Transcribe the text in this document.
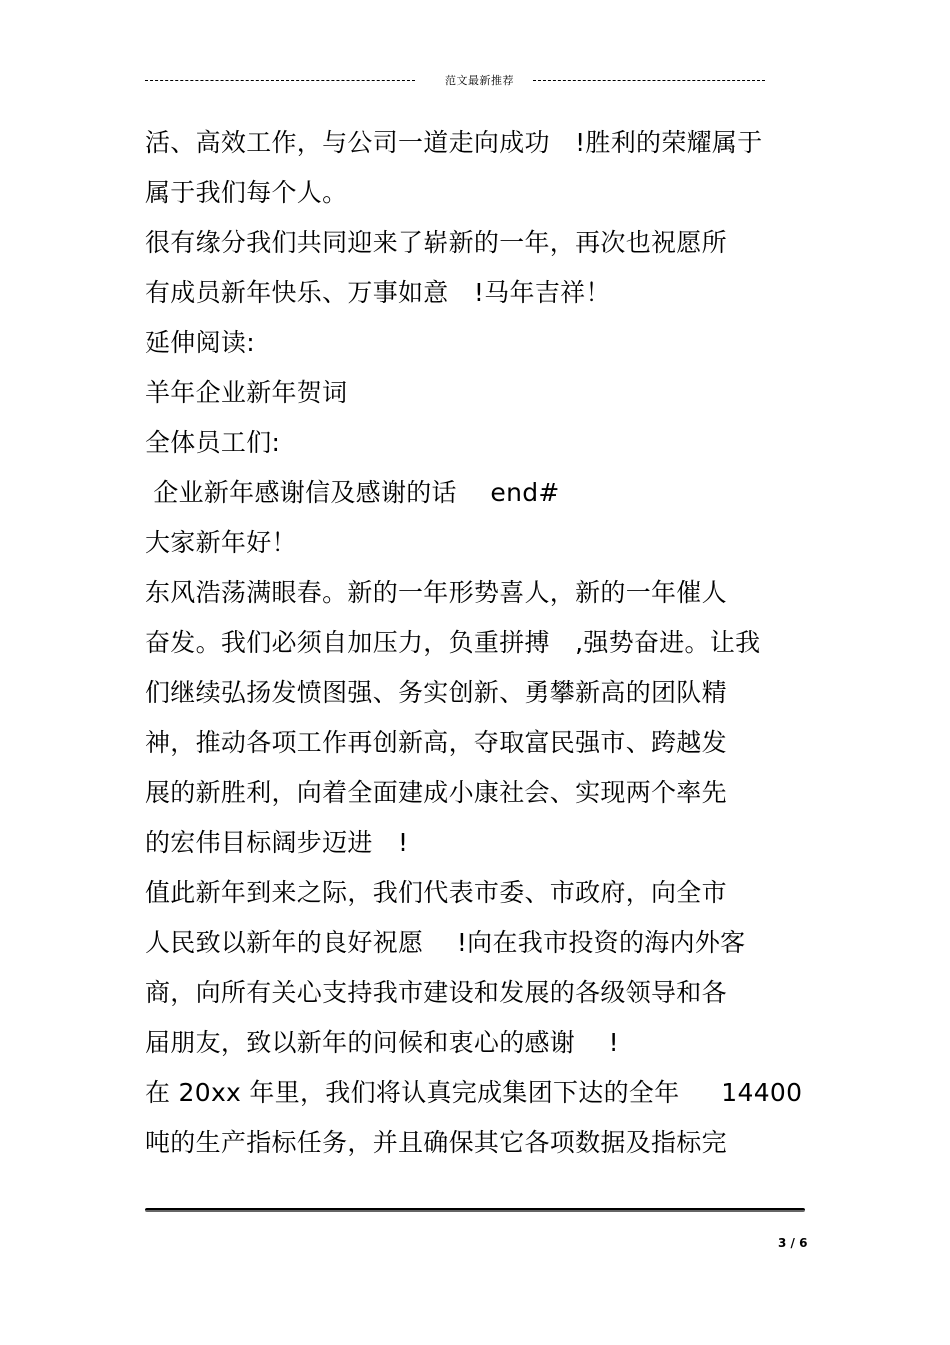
范文最新推荐
活、高效工作，与公司一道走向成功　!胜利的荣耀属于
属于我们每个人。
很有缘分我们共同迎来了崭新的一年，再次也祝愿所
有成员新年快乐、万事如意　!马年吉祥！
延伸阅读:
羊年企业新年贺词
全体员工们:
企业新年感谢信及感谢的话　 end#
大家新年好！
东风浩荡满眼春。新的一年形势喜人，新的一年催人
奋发。我们必须自加压力，负重拼搏　,强势奋进。让我
们继续弘扬发愤图强、务实创新、勇攀新高的团队精
神，推动各项工作再创新高，夺取富民强市、跨越发
展的新胜利，向着全面建成小康社会、实现两个率先
的宏伟目标阔步迈进　!
值此新年到来之际，我们代表市委、市政府，向全市
人民致以新年的良好祝愿　 !向在我市投资的海内外客
商，向所有关心支持我市建设和发展的各级领导和各
届朋友，致以新年的问候和衷心的感谢　 !
在 20xx 年里，我们将认真完成集团下达的全年　  14400
吨的生产指标任务，并且确保其它各项数据及指标完
3 / 6
